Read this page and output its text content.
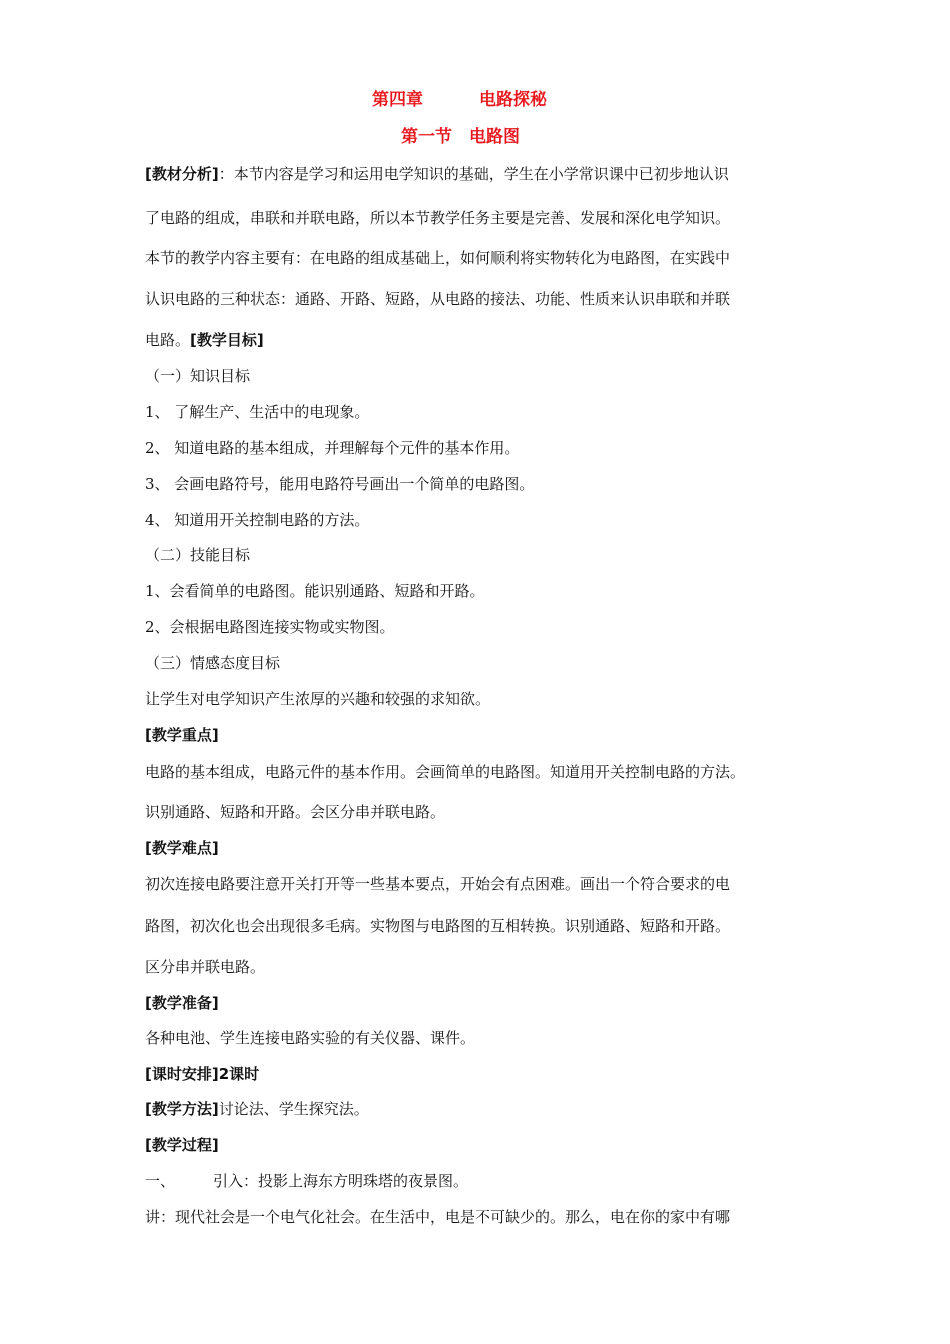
第四章	电路探秘
第一节 电路图
[教材分析]：本节内容是学习和运用电学知识的基础，学生在小学常识课中已初步地认识
了电路的组成，串联和并联电路，所以本节教学任务主要是完善、发展和深化电学知识。
本节的教学内容主要有：在电路的组成基础上，如何顺利将实物转化为电路图，在实践中
认识电路的三种状态：通路、开路、短路，从电路的接法、功能、性质来认识串联和并联
电路。[教学目标]
（一）知识目标
1、 了解生产、生活中的电现象。
2、 知道电路的基本组成，并理解每个元件的基本作用。
3、 会画电路符号，能用电路符号画出一个简单的电路图。
4、 知道用开关控制电路的方法。
（二）技能目标
1、会看简单的电路图。能识别通路、短路和开路。
2、会根据电路图连接实物或实物图。
（三）情感态度目标
让学生对电学知识产生浓厚的兴趣和较强的求知欲。
[教学重点]
电路的基本组成，电路元件的基本作用。会画简单的电路图。知道用开关控制电路的方法。
识别通路、短路和开路。会区分串并联电路。
[教学难点]
初次连接电路要注意开关打开等一些基本要点，开始会有点困难。画出一个符合要求的电
路图，初次化也会出现很多毛病。实物图与电路图的互相转换。识别通路、短路和开路。
区分串并联电路。
[教学准备]
各种电池、学生连接电路实验的有关仪器、课件。
[课时安排]2课时
[教学方法]讨论法、学生探究法。
[教学过程]
一、	引入：投影上海东方明珠塔的夜景图。
讲：现代社会是一个电气化社会。在生活中，电是不可缺少的。那么，电在你的家中有哪
